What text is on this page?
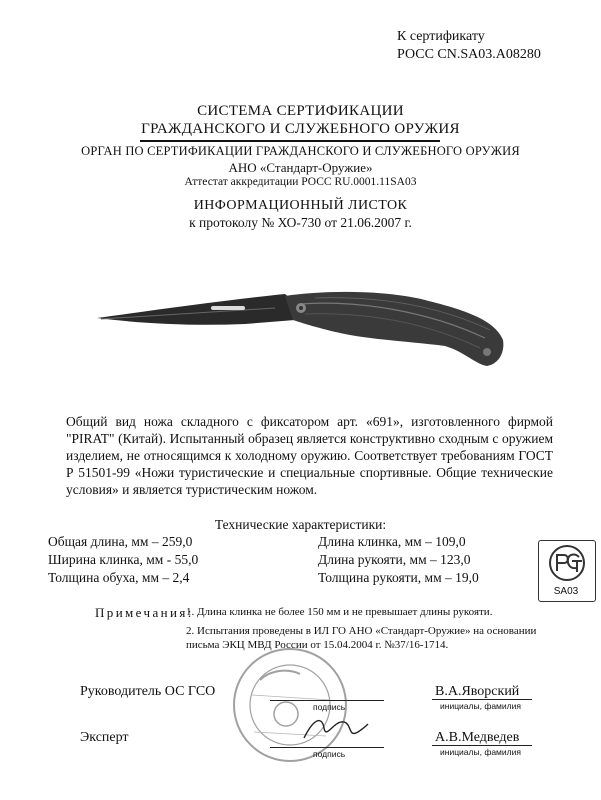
К сертификату
РОСС CN.SA03.A08280
СИСТЕМА СЕРТИФИКАЦИИ
ГРАЖДАНСКОГО И СЛУЖЕБНОГО ОРУЖИЯ
ОРГАН ПО СЕРТИФИКАЦИИ ГРАЖДАНСКОГО И СЛУЖЕБНОГО ОРУЖИЯ
АНО «Стандарт-Оружие»
Аттестат аккредитации РОСС RU.0001.11SA03
ИНФОРМАЦИОННЫЙ ЛИСТОК
к протоколу № ХО-730 от 21.06.2007 г.
Общий вид ножа складного с фиксатором арт. «691», изготовленного фирмой "PIRAT" (Китай). Испытанный образец является конструктивно сходным с оружием изделием, не относящимся к холодному оружию. Соответствует требованиям ГОСТ Р 51501-99 «Ножи туристические и специальные спортивные. Общие технические условия» и является туристическим ножом.
Технические характеристики:
Общая длина, мм – 259,0
Ширина клинка, мм - 55,0
Толщина обуха, мм – 2,4
Длина клинка, мм – 109,0
Длина рукояти, мм – 123,0
Толщина рукояти, мм – 19,0
SA03
Примечания:
1. Длина клинка не более 150 мм и не превышает длины рукояти.
2. Испытания проведены в ИЛ ГО АНО «Стандарт-Оружие» на основании письма ЭКЦ МВД России от 15.04.2004 г. №37/16-1714.
Руководитель ОС ГСО
Эксперт
подпись
подпись
В.А.Яворский
А.В.Медведев
инициалы, фамилия
инициалы, фамилия
